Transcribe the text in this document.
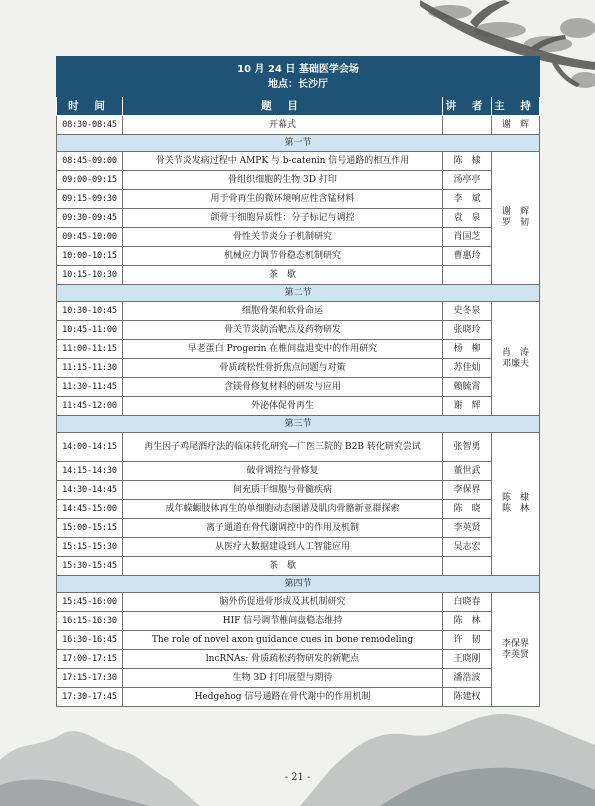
10 月 24 日 基础医学会场
地点：长沙厅			

时 间	题 目	讲 者	主 持
08:30-08:45	开幕式		谢　辉
第一节			
08:45-09:00	骨关节炎发病过程中 AMPK 与 b-catenin 信号通路的相互作用	陈　棣	谢　辉
罗　韧
09:00-09:15	骨组织细胞的生物 3D 打印	汤亭亭	
09:15-09:30	用于骨再生的微环境响应性含锰材料	李　斌	
09:30-09:45	颌骨干细胞异质性：分子标记与调控	袁　泉	
09:45-10:00	骨性关节炎分子机制研究	肖国芝	
10:00-10:15	机械应力调节骨稳态机制研究	曹惠玲	
10:15-10:30	茶　歇		
第二节			
10:30-10:45	细胞骨架和软骨命运	史冬泉	肖　涛
邓廉夫
10:45-11:00	骨关节炎防治靶点及药物研发	张晓玲	
11:00-11:15	早老蛋白 Progerin 在椎间盘退变中的作用研究	杨　柳	
11:15-11:30	骨质疏松性骨折焦点问题与对策	苏佳灿	
11:30-11:45	含镁骨修复材料的研发与应用	赖毓霄	
11:45-12:00	外泌体促骨再生	谢　辉	
第三节			
14:00-14:15	再生因子鸡尾酒疗法的临床转化研究—广医三院的 B2B 转化研究尝试	张智勇	陈　棣
陈　林
14:15-14:30	破骨调控与骨修复	董世武	
14:30-14:45	间充质干细胞与骨髓疾病	李保界	
14:45-15:00	成年蝾螈肢体再生的单细胞动态图谱及肌肉骨骼新亚群探索	陈　晓	
15:00-15:15	离子通道在骨代谢调控中的作用及机制	李英贤	
15:15-15:30	从医疗大数据建设到人工智能应用	吴志宏	
15:30-15:45	茶　歇		
第四节			
15:45-16:00	脑外伤促进骨形成及其机制研究	白晓春	李保界
李英贤
16:15-16:30	HIF 信号调节椎间盘稳态维持	陈　林	
16:30-16:45	The role of novel axon guidance cues in bone remodeling	许　韧	
17:00-17:15	lncRNAs: 骨质疏松药物研发的新靶点	王晓刚	
17:15-17:30	生物 3D 打印展望与期待	潘浩波	
17:30-17:45	Hedgehog 信号通路在骨代谢中的作用机制	陈建权	
- 21 -
